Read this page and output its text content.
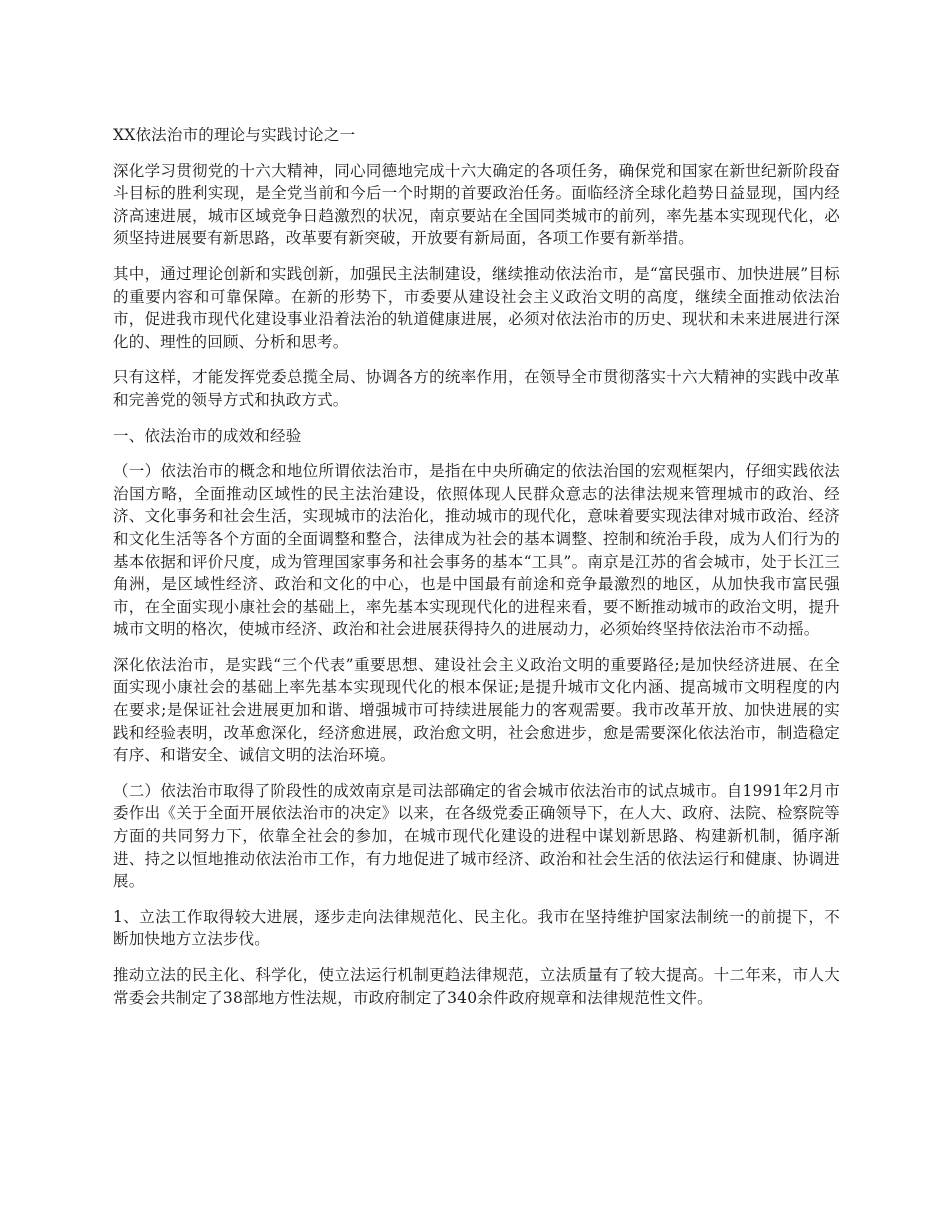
XX依法治市的理论与实践讨论之一

深化学习贯彻党的十六大精神，同心同德地完成十六大确定的各项任务，确保党和国家在新世纪新阶段奋斗目标的胜利实现，是全党当前和今后一个时期的首要政治任务。面临经济全球化趋势日益显现，国内经济高速进展，城市区域竞争日趋激烈的状况，南京要站在全国同类城市的前列，率先基本实现现代化，必须坚持进展要有新思路，改革要有新突破，开放要有新局面，各项工作要有新举措。

其中，通过理论创新和实践创新，加强民主法制建设，继续推动依法治市，是“富民强市、加快进展”目标的重要内容和可靠保障。在新的形势下，市委要从建设社会主义政治文明的高度，继续全面推动依法治市，促进我市现代化建设事业沿着法治的轨道健康进展，必须对依法治市的历史、现状和未来进展进行深化的、理性的回顾、分析和思考。

只有这样，才能发挥党委总揽全局、协调各方的统率作用，在领导全市贯彻落实十六大精神的实践中改革和完善党的领导方式和执政方式。

一、依法治市的成效和经验

（一）依法治市的概念和地位所谓依法治市，是指在中央所确定的依法治国的宏观框架内，仔细实践依法治国方略，全面推动区域性的民主法治建设，依照体现人民群众意志的法律法规来管理城市的政治、经济、文化事务和社会生活，实现城市的法治化，推动城市的现代化，意味着要实现法律对城市政治、经济和文化生活等各个方面的全面调整和整合，法律成为社会的基本调整、控制和统治手段，成为人们行为的基本依据和评价尺度，成为管理国家事务和社会事务的基本“工具”。南京是江苏的省会城市，处于长江三角洲，是区域性经济、政治和文化的中心，也是中国最有前途和竞争最激烈的地区，从加快我市富民强市，在全面实现小康社会的基础上，率先基本实现现代化的进程来看，要不断推动城市的政治文明，提升城市文明的格次，使城市经济、政治和社会进展获得持久的进展动力，必须始终坚持依法治市不动摇。

深化依法治市，是实践“三个代表”重要思想、建设社会主义政治文明的重要路径;是加快经济进展、在全面实现小康社会的基础上率先基本实现现代化的根本保证;是提升城市文化内涵、提高城市文明程度的内在要求;是保证社会进展更加和谐、增强城市可持续进展能力的客观需要。我市改革开放、加快进展的实践和经验表明，改革愈深化，经济愈进展，政治愈文明，社会愈进步，愈是需要深化依法治市，制造稳定有序、和谐安全、诚信文明的法治环境。

（二）依法治市取得了阶段性的成效南京是司法部确定的省会城市依法治市的试点城市。自1991年2月市委作出《关于全面开展依法治市的决定》以来，在各级党委正确领导下，在人大、政府、法院、检察院等方面的共同努力下，依靠全社会的参加，在城市现代化建设的进程中谋划新思路、构建新机制，循序渐进、持之以恒地推动依法治市工作，有力地促进了城市经济、政治和社会生活的依法运行和健康、协调进展。

1、立法工作取得较大进展，逐步走向法律规范化、民主化。我市在坚持维护国家法制统一的前提下，不断加快地方立法步伐。

推动立法的民主化、科学化，使立法运行机制更趋法律规范，立法质量有了较大提高。十二年来，市人大常委会共制定了38部地方性法规，市政府制定了340余件政府规章和法律规范性文件。
